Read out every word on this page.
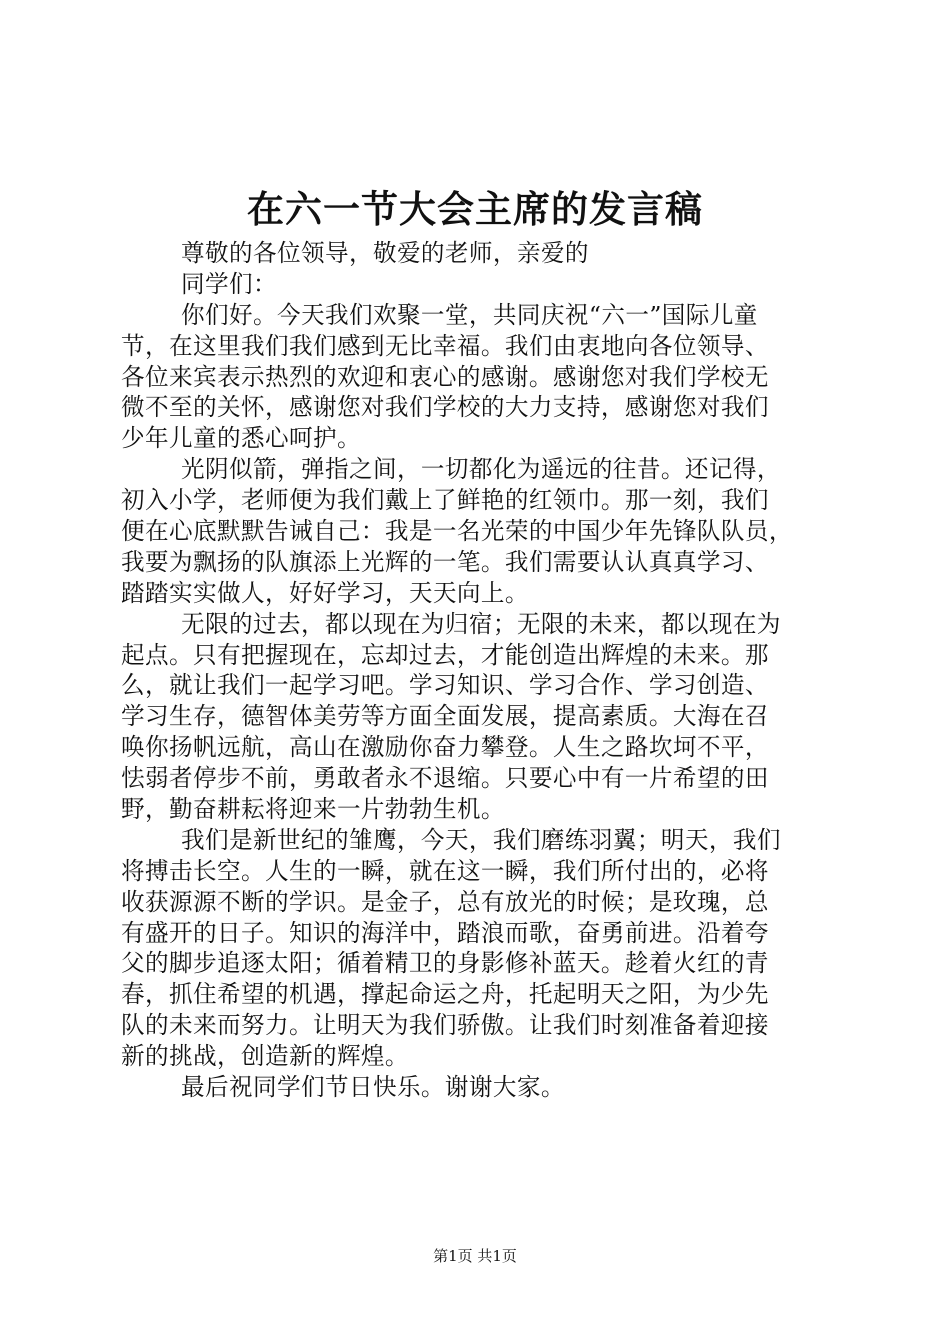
在六一节大会主席的发言稿

尊敬的各位领导，敬爱的老师，亲爱的

同学们：

你们好。今天我们欢聚一堂，共同庆祝“六一”国际儿童

节，在这里我们我们感到无比幸福。我们由衷地向各位领导、

各位来宾表示热烈的欢迎和衷心的感谢。感谢您对我们学校无

微不至的关怀，感谢您对我们学校的大力支持，感谢您对我们

少年儿童的悉心呵护。

光阴似箭，弹指之间，一切都化为遥远的往昔。还记得，

初入小学，老师便为我们戴上了鲜艳的红领巾。那一刻，我们

便在心底默默告诫自己：我是一名光荣的中国少年先锋队队员，

我要为飘扬的队旗添上光辉的一笔。我们需要认认真真学习、

踏踏实实做人，好好学习，天天向上。

无限的过去，都以现在为归宿；无限的未来，都以现在为

起点。只有把握现在，忘却过去，才能创造出辉煌的未来。那

么，就让我们一起学习吧。学习知识、学习合作、学习创造、

学习生存，德智体美劳等方面全面发展，提高素质。大海在召

唤你扬帆远航，高山在激励你奋力攀登。人生之路坎坷不平，

怯弱者停步不前，勇敢者永不退缩。只要心中有一片希望的田

野，勤奋耕耘将迎来一片勃勃生机。

我们是新世纪的雏鹰，今天，我们磨练羽翼；明天，我们

将搏击长空。人生的一瞬，就在这一瞬，我们所付出的，必将

收获源源不断的学识。是金子，总有放光的时候；是玫瑰，总

有盛开的日子。知识的海洋中，踏浪而歌，奋勇前进。沿着夸

父的脚步追逐太阳；循着精卫的身影修补蓝天。趁着火红的青

春，抓住希望的机遇，撑起命运之舟，托起明天之阳，为少先

队的未来而努力。让明天为我们骄傲。让我们时刻准备着迎接

新的挑战，创造新的辉煌。

最后祝同学们节日快乐。谢谢大家。

第1页 共1页
